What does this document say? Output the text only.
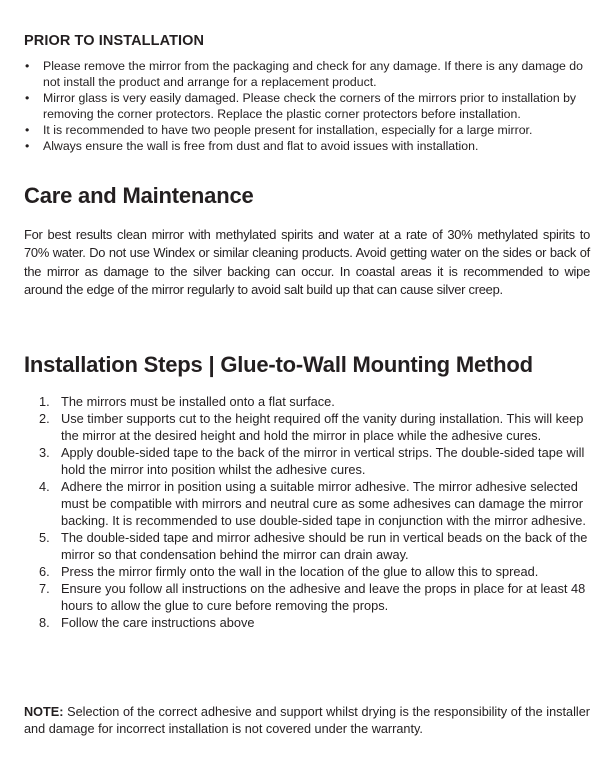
PRIOR TO INSTALLATION
• Please remove the mirror from the packaging and check for any damage. If there is any damage do not install the product and arrange for a replacement product.
• Mirror glass is very easily damaged. Please check the corners of the mirrors prior to installation by removing the corner protectors. Replace the plastic corner protectors before installation.
• It is recommended to have two people present for installation, especially for a large mirror.
• Always ensure the wall is free from dust and flat to avoid issues with installation.
Care and Maintenance
For best results clean mirror with methylated spirits and water at a rate of 30% methylated spirits to 70% water. Do not use Windex or similar cleaning products. Avoid getting water on the sides or back of the mirror as damage to the silver backing can occur. In coastal areas it is recommended to wipe around the edge of the mirror regularly to avoid salt build up that can cause silver creep.
Installation Steps | Glue-to-Wall Mounting Method
1. The mirrors must be installed onto a flat surface.
2. Use timber supports cut to the height required off the vanity during installation. This will keep the mirror at the desired height and hold the mirror in place while the adhesive cures.
3. Apply double-sided tape to the back of the mirror in vertical strips. The double-sided tape will hold the mirror into position whilst the adhesive cures.
4. Adhere the mirror in position using a suitable mirror adhesive. The mirror adhesive selected must be compatible with mirrors and neutral cure as some adhesives can damage the mirror backing. It is recommended to use double-sided tape in conjunction with the mirror adhesive.
5. The double-sided tape and mirror adhesive should be run in vertical beads on the back of the mirror so that condensation behind the mirror can drain away.
6. Press the mirror firmly onto the wall in the location of the glue to allow this to spread.
7. Ensure you follow all instructions on the adhesive and leave the props in place for at least 48 hours to allow the glue to cure before removing the props.
8. Follow the care instructions above
NOTE: Selection of the correct adhesive and support whilst drying is the responsibility of the installer and damage for incorrect installation is not covered under the warranty.
